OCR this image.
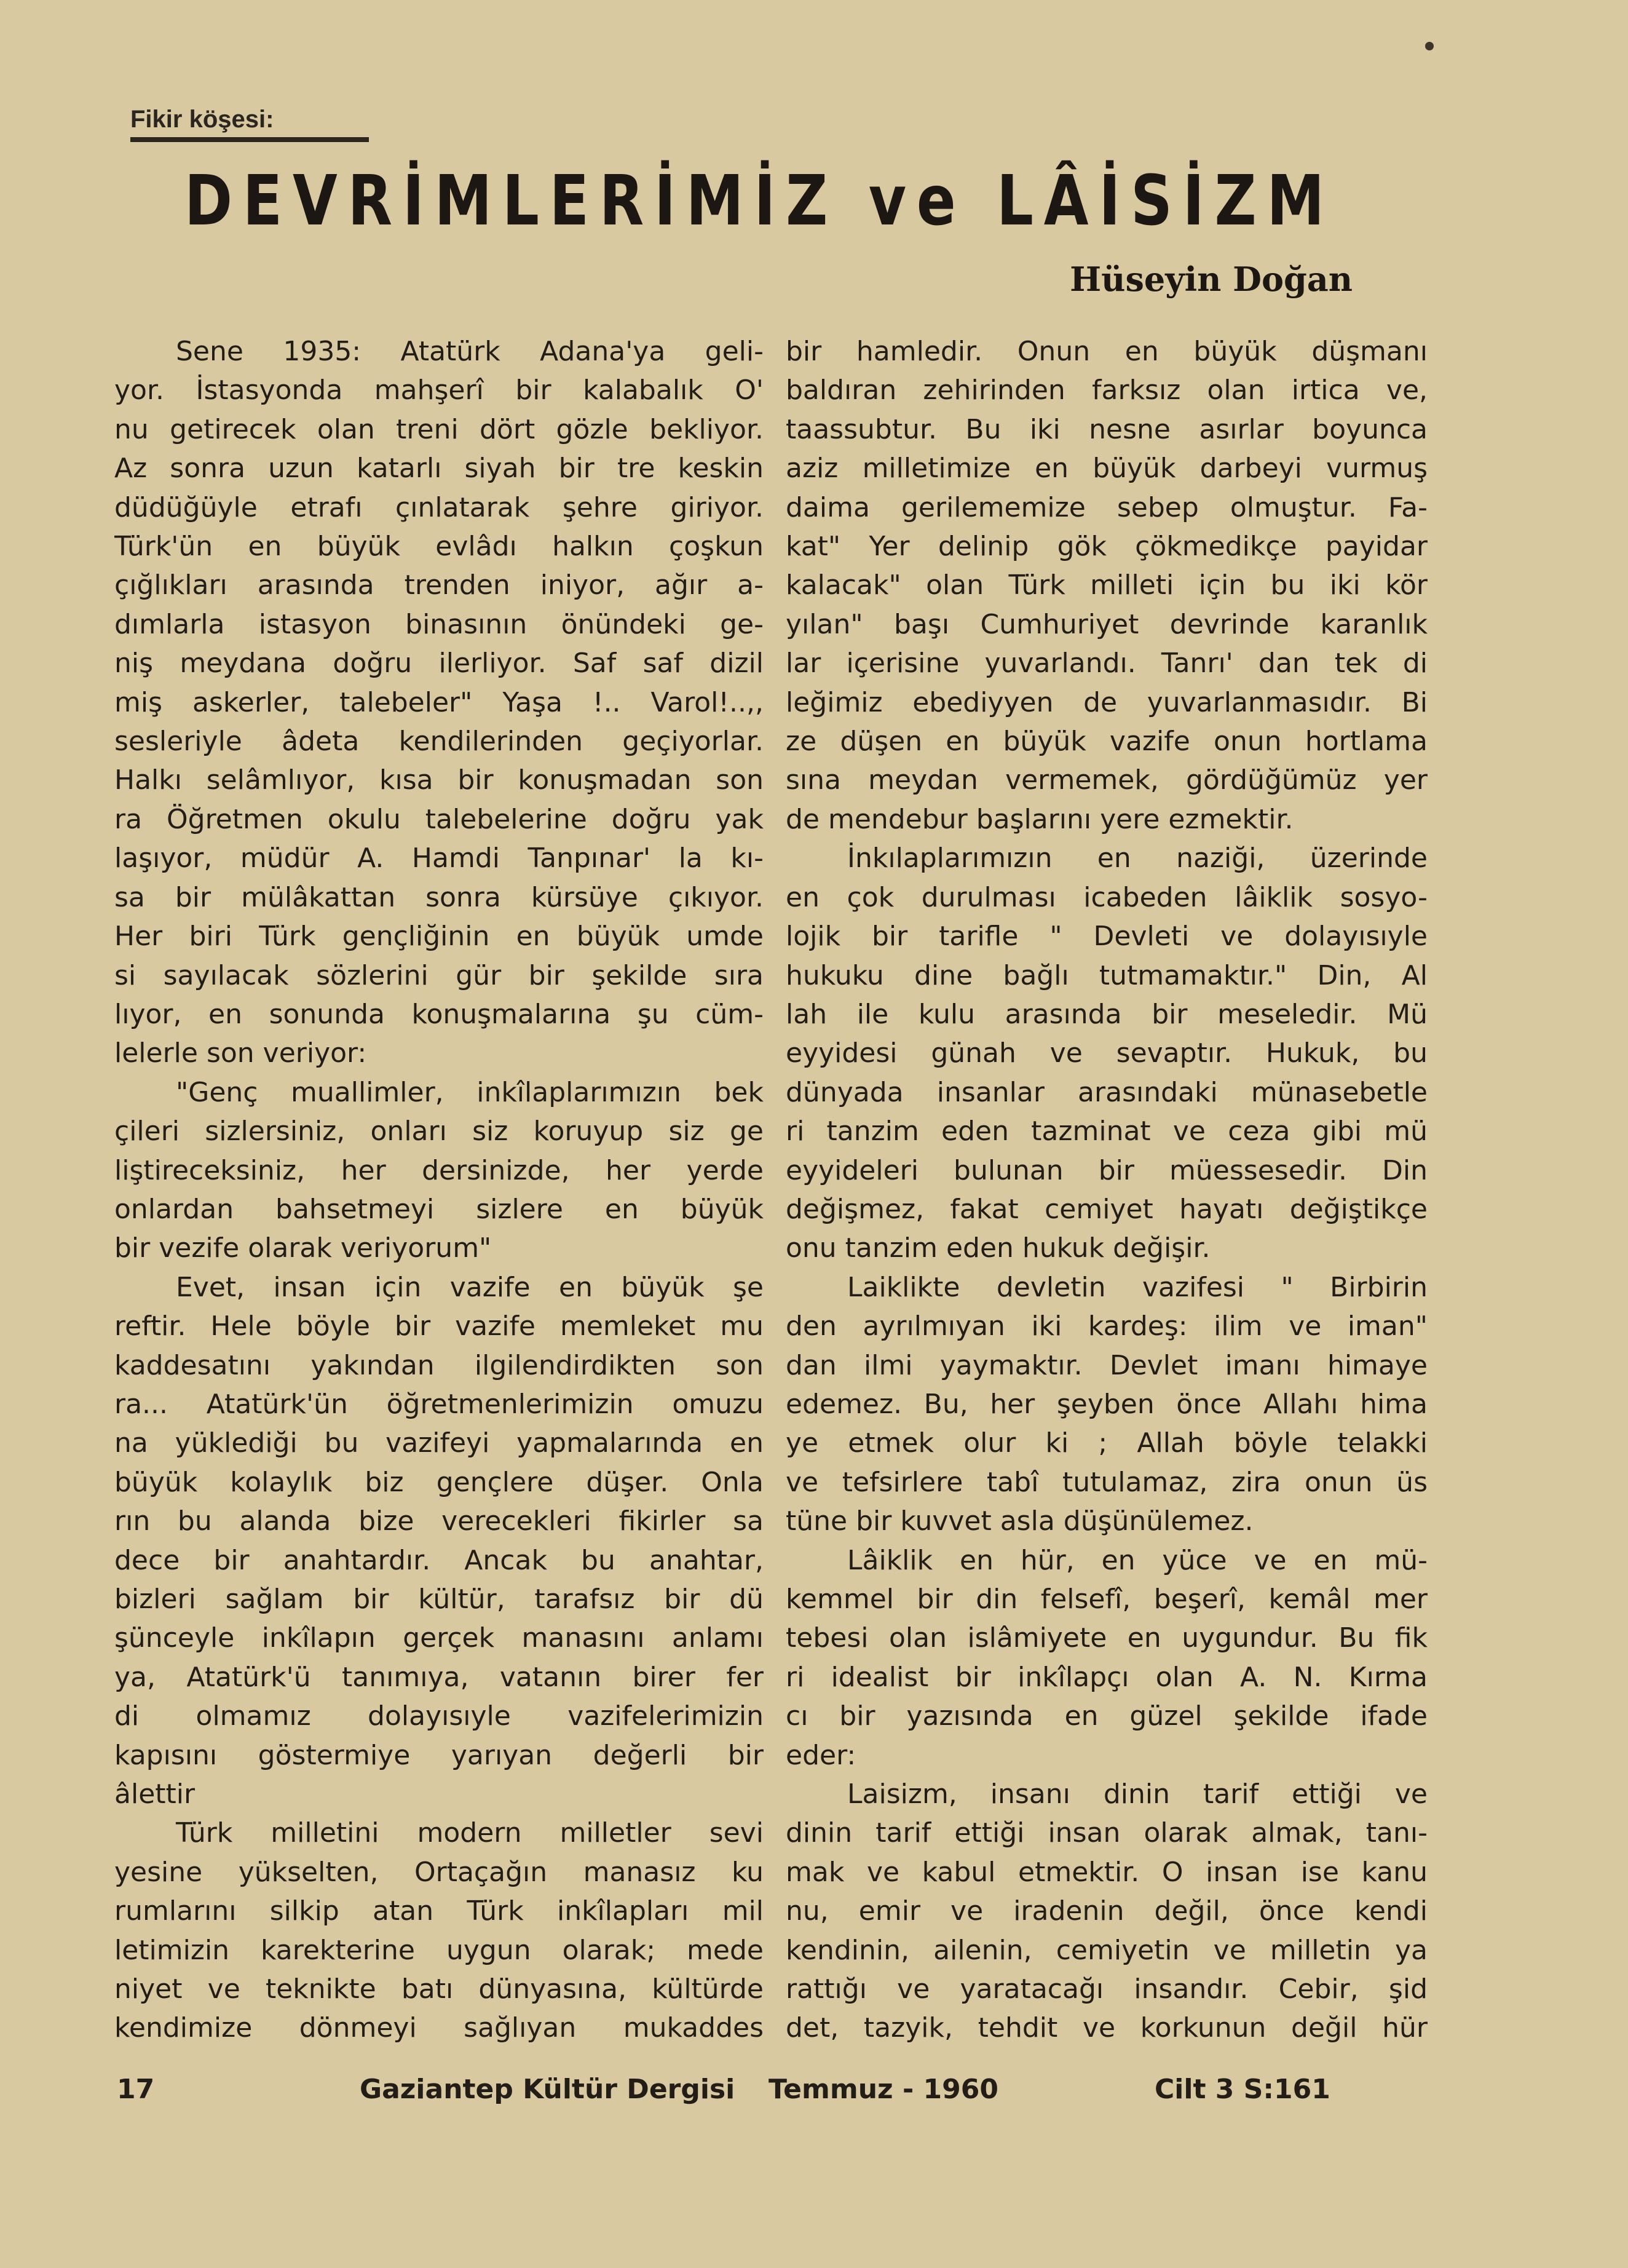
Fikir köşesi:
DEVRİMLERİMİZ ve LÂİSİZM
Hüseyin Doğan
Sene 1935: Atatürk Adana'ya geli-
yor. İstasyonda mahşerî bir kalabalık O'
nu getirecek olan treni dört gözle bekliyor.
Az sonra uzun katarlı siyah bir tre keskin
düdüğüyle etrafı çınlatarak şehre giriyor.
Türk'ün en büyük evlâdı halkın çoşkun
çığlıkları arasında trenden iniyor, ağır a-
dımlarla istasyon binasının önündeki ge-
niş meydana doğru ilerliyor. Saf saf dizil
miş askerler, talebeler" Yaşa !.. Varol!..,,
sesleriyle âdeta kendilerinden geçiyorlar.
Halkı selâmlıyor, kısa bir konuşmadan son
ra Öğretmen okulu talebelerine doğru yak
laşıyor, müdür A. Hamdi Tanpınar' la kı-
sa bir mülâkattan sonra kürsüye çıkıyor.
Her biri Türk gençliğinin en büyük umde
si sayılacak sözlerini gür bir şekilde sıra
lıyor, en sonunda konuşmalarına şu cüm-
lelerle son veriyor:
"Genç muallimler, inkîlaplarımızın bek
çileri sizlersiniz, onları siz koruyup siz ge
liştireceksiniz, her dersinizde, her yerde
onlardan bahsetmeyi sizlere en büyük
bir vezife olarak veriyorum"
Evet, insan için vazife en büyük şe
reftir. Hele böyle bir vazife memleket mu
kaddesatını yakından ilgilendirdikten son
ra... Atatürk'ün öğretmenlerimizin omuzu
na yüklediği bu vazifeyi yapmalarında en
büyük kolaylık biz gençlere düşer. Onla
rın bu alanda bize verecekleri fikirler sa
dece bir anahtardır. Ancak bu anahtar,
bizleri sağlam bir kültür, tarafsız bir dü
şünceyle inkîlapın gerçek manasını anlamı
ya, Atatürk'ü tanımıya, vatanın birer fer
di olmamız dolayısıyle vazifelerimizin
kapısını göstermiye yarıyan değerli bir
âlettir
Türk milletini modern milletler sevi
yesine yükselten, Ortaçağın manasız ku
rumlarını silkip atan Türk inkîlapları mil
letimizin karekterine uygun olarak; mede
niyet ve teknikte batı dünyasına, kültürde
kendimize dönmeyi sağlıyan mukaddes
bir hamledir. Onun en büyük düşmanı
baldıran zehirinden farksız olan irtica ve,
taassubtur. Bu iki nesne asırlar boyunca
aziz milletimize en büyük darbeyi vurmuş
daima gerilememize sebep olmuştur. Fa-
kat" Yer delinip gök çökmedikçe payidar
kalacak" olan Türk milleti için bu iki kör
yılan" başı Cumhuriyet devrinde karanlık
lar içerisine yuvarlandı. Tanrı' dan tek di
leğimiz ebediyyen de yuvarlanmasıdır. Bi
ze düşen en büyük vazife onun hortlama
sına meydan vermemek, gördüğümüz yer
de mendebur başlarını yere ezmektir.
İnkılaplarımızın en naziği, üzerinde
en çok durulması icabeden lâiklik sosyo-
lojik bir tarifle " Devleti ve dolayısıyle
hukuku dine bağlı tutmamaktır." Din, Al
lah ile kulu arasında bir meseledir. Mü
eyyidesi günah ve sevaptır. Hukuk, bu
dünyada insanlar arasındaki münasebetle
ri tanzim eden tazminat ve ceza gibi mü
eyyideleri bulunan bir müessesedir. Din
değişmez, fakat cemiyet hayatı değiştikçe
onu tanzim eden hukuk değişir.
Laiklikte devletin vazifesi " Birbirin
den ayrılmıyan iki kardeş: ilim ve iman"
dan ilmi yaymaktır. Devlet imanı himaye
edemez. Bu, her şeyben önce Allahı hima
ye etmek olur ki ; Allah böyle telakki
ve tefsirlere tabî tutulamaz, zira onun üs
tüne bir kuvvet asla düşünülemez.
Lâiklik en hür, en yüce ve en mü-
kemmel bir din felsefî, beşerî, kemâl mer
tebesi olan islâmiyete en uygundur. Bu fik
ri idealist bir inkîlapçı olan A. N. Kırma
cı bir yazısında en güzel şekilde ifade
eder:
Laisizm, insanı dinin tarif ettiği ve
dinin tarif ettiği insan olarak almak, tanı-
mak ve kabul etmektir. O insan ise kanu
nu, emir ve iradenin değil, önce kendi
kendinin, ailenin, cemiyetin ve milletin ya
rattığı ve yaratacağı insandır. Cebir, şid
det, tazyik, tehdit ve korkunun değil hür
17	Gaziantep Kültür Dergisi Temmuz - 1960	Cilt 3 S:161
